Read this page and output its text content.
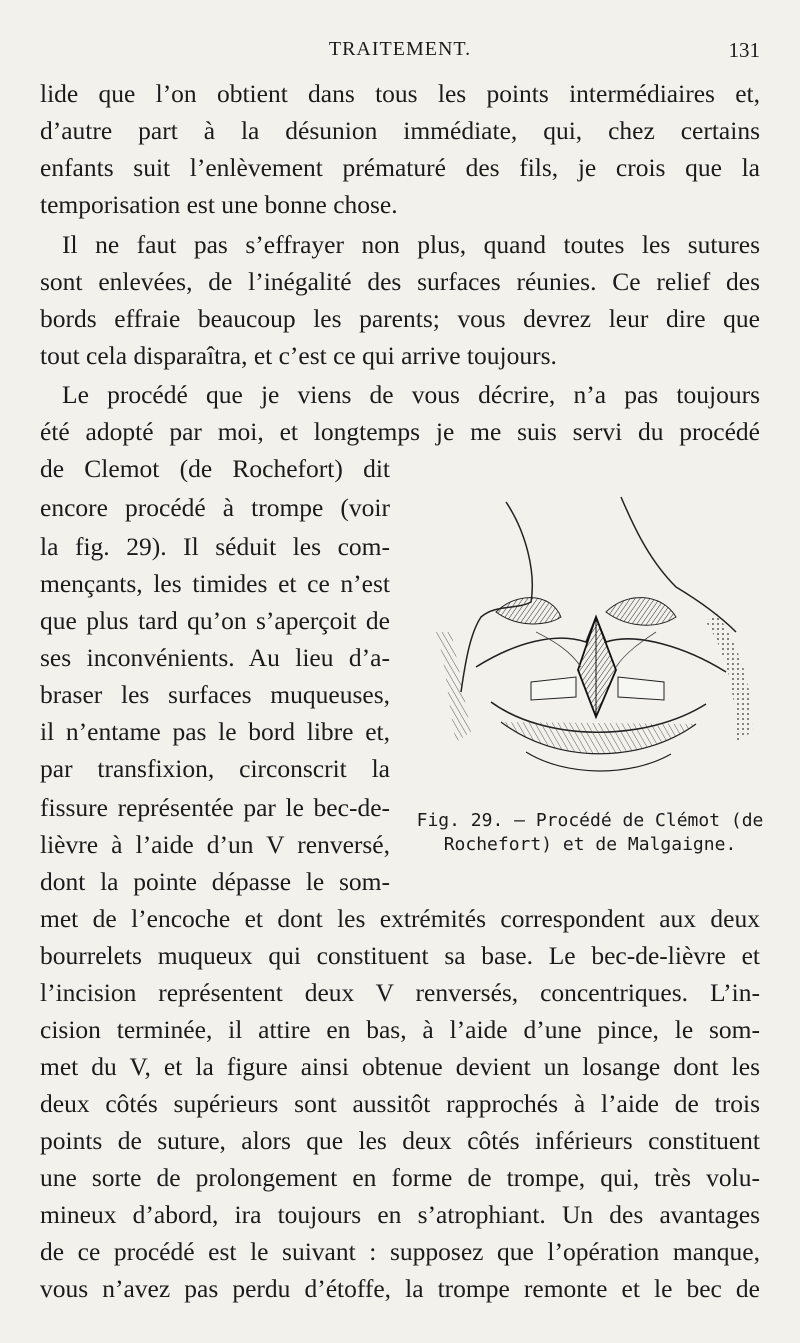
TRAITEMENT.	131
lide que l’on obtient dans tous les points intermédiaires et,
d’autre part à la désunion immédiate, qui, chez certains
enfants suit l’enlèvement prématuré des fils, je crois que la
temporisation est une bonne chose.
Il ne faut pas s’effrayer non plus, quand toutes les sutures
sont enlevées, de l’inégalité des surfaces réunies. Ce relief des
bords effraie beaucoup les parents; vous devrez leur dire que
tout cela disparaîtra, et c’est ce qui arrive toujours.
Le procédé que je viens de vous décrire, n’a pas toujours
été adopté par moi, et longtemps je me suis servi du procédé
de Clemot (de Rochefort) dit
encore procédé à trompe (voir
la fig. 29). Il séduit les com-
mençants, les timides et ce n’est
que plus tard qu’on s’aperçoit de
ses inconvénients. Au lieu d’a-
braser les surfaces muqueuses,
il n’entame pas le bord libre et,
par transfixion, circonscrit la
fissure représentée par le bec-de-
lièvre à l’aide d’un V renversé,
dont la pointe dépasse le som-
met de l’encoche et dont les extrémités correspondent aux deux
bourrelets muqueux qui constituent sa base. Le bec-de-lièvre et
l’incision représentent deux V renversés, concentriques. L’in-
cision terminée, il attire en bas, à l’aide d’une pince, le som-
met du V, et la figure ainsi obtenue devient un losange dont les
deux côtés supérieurs sont aussitôt rapprochés à l’aide de trois
points de suture, alors que les deux côtés inférieurs constituent
une sorte de prolongement en forme de trompe, qui, très volu-
mineux d’abord, ira toujours en s’atrophiant. Un des avantages
de ce procédé est le suivant : supposez que l’opération manque,
vous n’avez pas perdu d’étoffe, la trompe remonte et le bec de
Fig. 29. — Procédé de Clémot (de
Rochefort) et de Malgaigne.
